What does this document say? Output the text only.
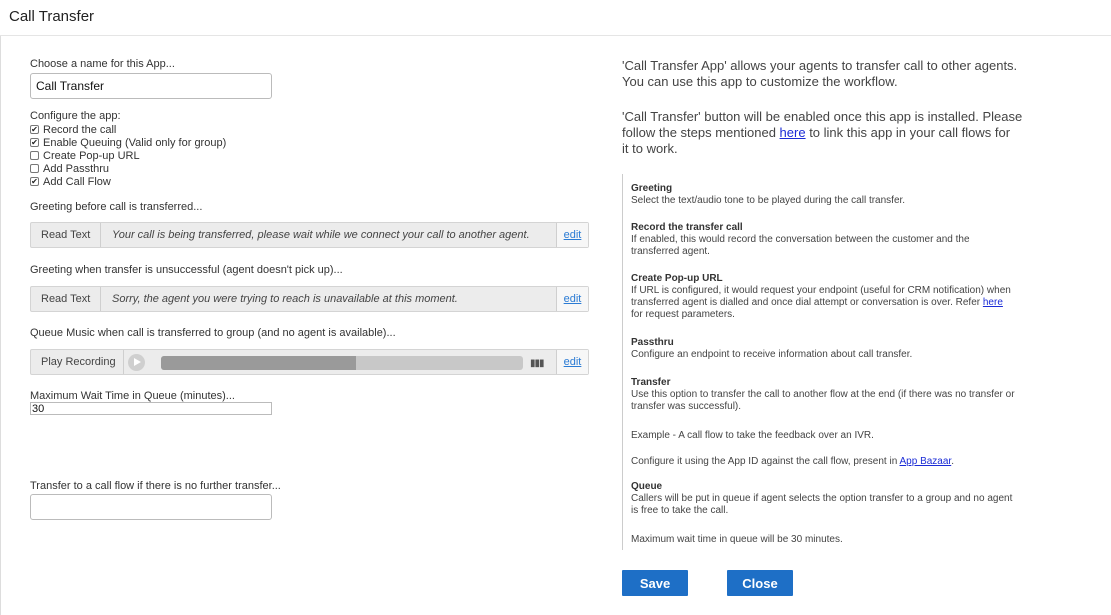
Call Transfer
Choose a name for this App...
Call Transfer
Configure the app:
✔ Record the call
✔ Enable Queuing (Valid only for group)
Create Pop-up URL
Add Passthru
✔ Add Call Flow
Greeting before call is transferred...
Read Text	Your call is being transferred, please wait while we connect your call to another agent.	edit
Greeting when transfer is unsuccessful (agent doesn't pick up)...
Read Text	Sorry, the agent you were trying to reach is unavailable at this moment.	edit
Queue Music when call is transferred to group (and no agent is available)...
Play Recording	▮▮▮	edit
Maximum Wait Time in Queue (minutes)...
30
Transfer to a call flow if there is no further transfer...
'Call Transfer App' allows your agents to transfer call to other agents.
You can use this app to customize the workflow.
'Call Transfer' button will be enabled once this app is installed. Please
follow the steps mentioned here to link this app in your call flows for
it to work.
Greeting
Select the text/audio tone to be played during the call transfer.
Record the transfer call
If enabled, this would record the conversation between the customer and the
transferred agent.
Create Pop-up URL
If URL is configured, it would request your endpoint (useful for CRM notification) when
transferred agent is dialled and once dial attempt or conversation is over. Refer here
for request parameters.
Passthru
Configure an endpoint to receive information about call transfer.
Transfer
Use this option to transfer the call to another flow at the end (if there was no transfer or
transfer was successful).
Example - A call flow to take the feedback over an IVR.
Configure it using the App ID against the call flow, present in App Bazaar.
Queue
Callers will be put in queue if agent selects the option transfer to a group and no agent
is free to take the call.
Maximum wait time in queue will be 30 minutes.
Save	Close
